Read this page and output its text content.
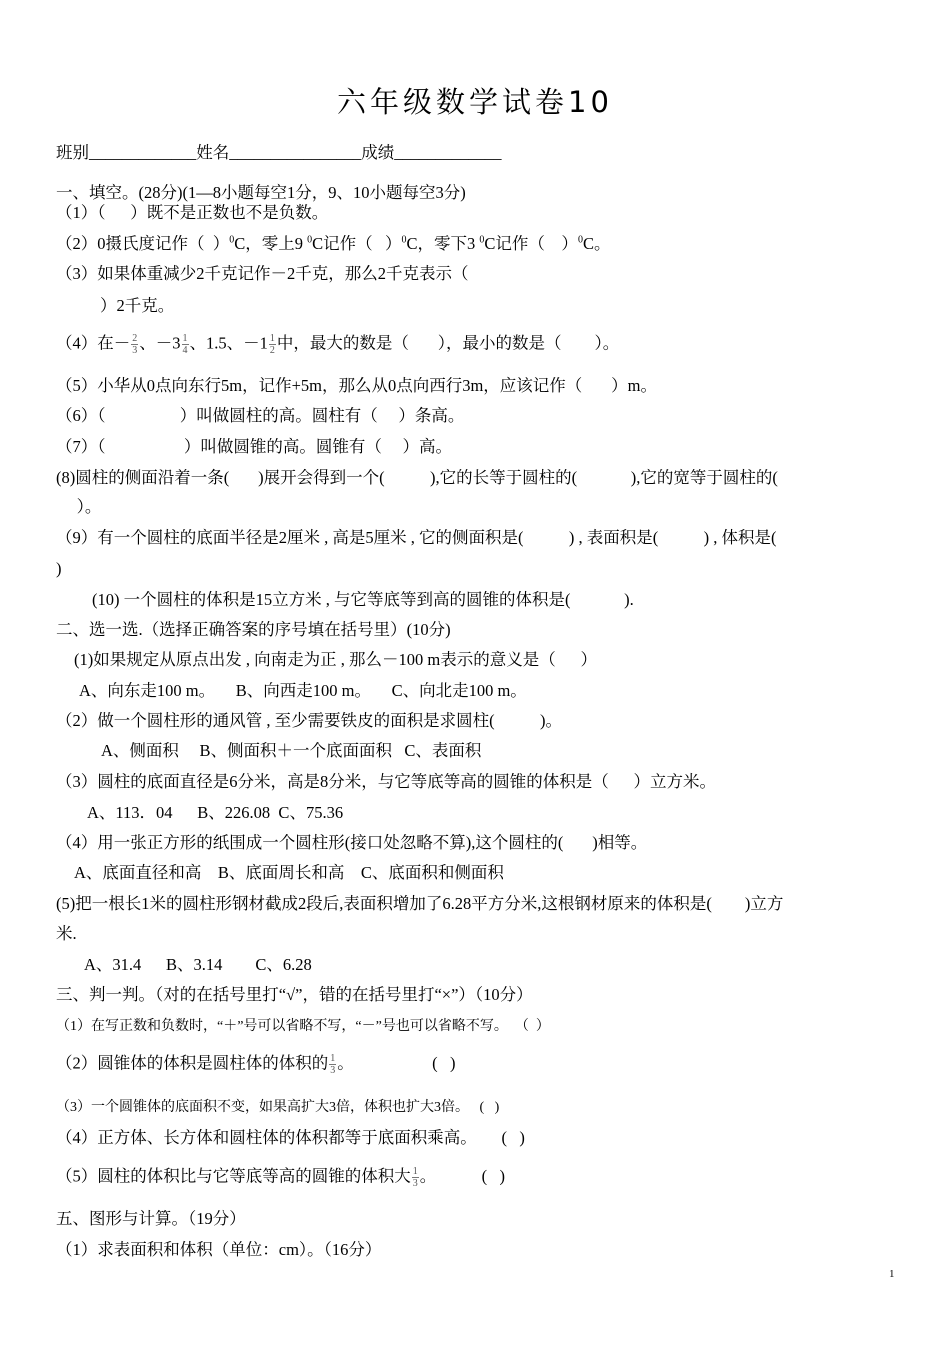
六年级数学试卷10
班别_____________姓名________________成绩_____________
一、填空。(28分)(1—8小题每空1分，9、10小题每空3分)
（1）（      ）既不是正数也不是负数。
（2）0摄氏度记作（  ）$^0$C，零上9 $^0$C记作（   ）$^0$C，零下3 $^0$C记作（    ）$^0$C。
（3）如果体重减少2千克记作－2千克，那么2千克表示（
）2千克。
（4）在－ $\frac{2}{3}$ 、$-3 \frac{1}{4}$ 、1.5、$-1 \frac{1}{2}$ 中，最大的数是（       ），最小的数是（        ）。
（5）小华从0点向东行5m，记作+5m，那么从0点向西行3m，应该记作（       ）m。
（6）（                  ）叫做圆柱的高。圆柱有（     ）条高。
（7）（                   ）叫做圆锥的高。圆锥有（     ）高。
(8)圆柱的侧面沿着一条(       )展开会得到一个(           ),它的长等于圆柱的(             ),它的宽等于圆柱的(
）。
（9）有一个圆柱的底面半径是2厘米 , 高是5厘米 , 它的侧面积是(           ) , 表面积是(           ) , 体积是(
)
(10) 一个圆柱的体积是15立方米 , 与它等底等到高的圆锥的体积是(             ).
二、选一选.（选择正确答案的序号填在括号里）(10分)
(1)如果规定从原点出发 , 向南走为正 , 那么－100 m表示的意义是（      ）
A、向东走100 m。     B、向西走100 m。     C、向北走100 m。
（2）做一个圆柱形的通风管 , 至少需要铁皮的面积是求圆柱(           )。
A、侧面积     B、侧面积＋一个底面面积   C、表面积
（3）圆柱的底面直径是6分米，高是8分米，与它等底等高的圆锥的体积是（      ）立方米。
A、113．04      B、226.08  C、75.36
（4）用一张正方形的纸围成一个圆柱形(接口处忽略不算),这个圆柱的(       )相等。
A、底面直径和高    B、底面周长和高    C、底面积和侧面积
(5)把一根长1米的圆柱形钢材截成2段后,表面积增加了6.28平方分米,这根钢材原来的体积是(        )立方
米.
A、31.4      B、3.14        C、6.28
三、判一判。（对的在括号里打“√”，错的在括号里打“×”）（10分）
（1）在写正数和负数时，“＋”号可以省略不写，“－”号也可以省略不写。  （  ）
（2）圆锥体的体积是圆柱体的体积的 $\frac{1}{3}$ 。                   (   )
（3）一个圆锥体的底面积不变，如果高扩大3倍，体积也扩大3倍。   (   )
（4）正方体、长方体和圆柱体的体积都等于底面积乘高。      (   )
（5）圆柱的体积比与它等底等高的圆锥的体积大 $\frac{1}{3}$ 。           (   )
五、图形与计算。（19分）
（1）求表面积和体积（单位：cm）。（16分）
1
